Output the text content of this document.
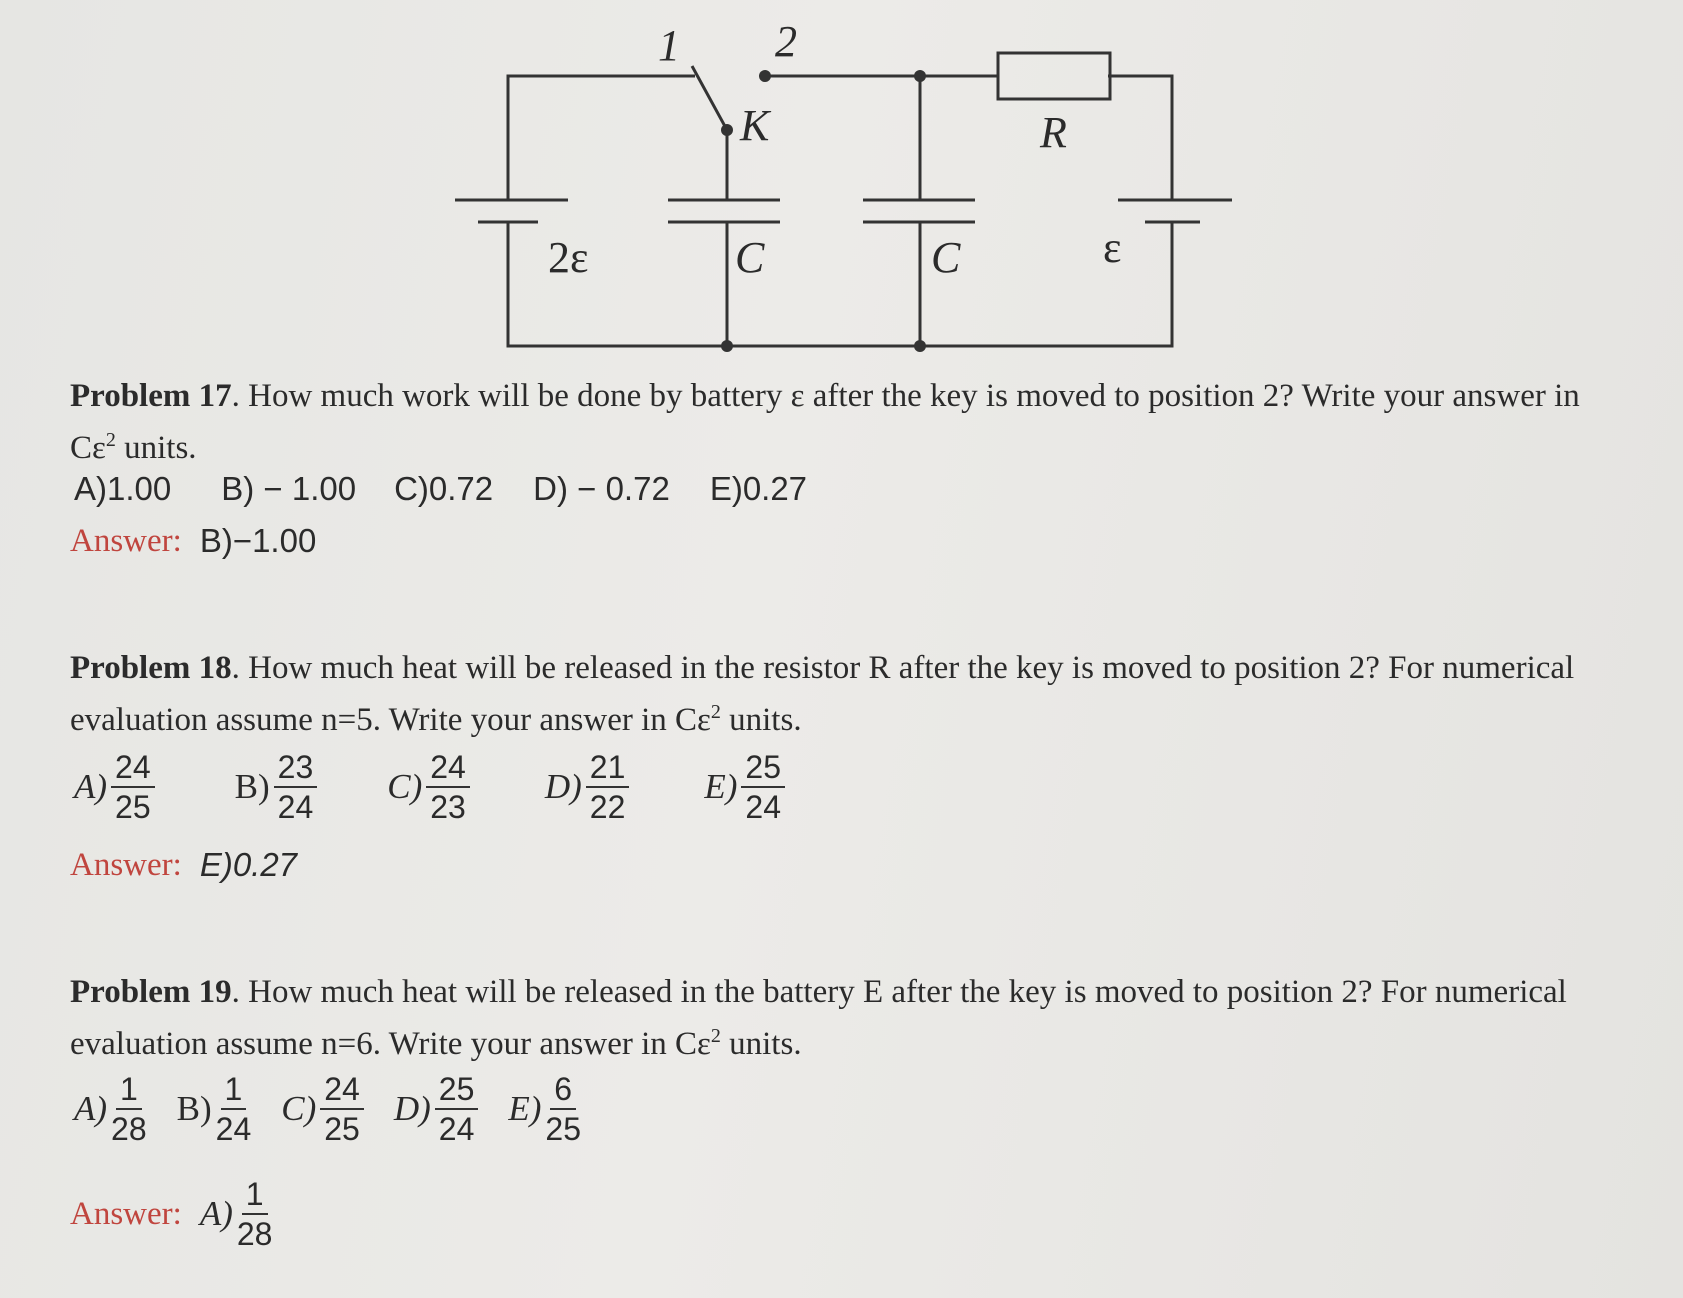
1 2
K	R
2ε	C	C	ε
Problem 17. How much work will be done by battery ε after the key is moved to position 2? Write your answer in $C\varepsilon^2$ units.
A)1.00 B) − 1.00 C)0.72 D) − 0.72 E)0.27
Answer: B)−1.00
Problem 18. How much heat will be released in the resistor R after the key is moved to position 2? For numerical evaluation assume n=5. Write your answer in $C\varepsilon^2$ units.
$A) \frac{24}{25} B) \frac{23}{24} C) \frac{24}{23} D) \frac{21}{22} E) \frac{25}{24}$
Answer: E)0.27
Problem 19. How much heat will be released in the battery E after the key is moved to position 2? For numerical evaluation assume n=6. Write your answer in $C\varepsilon^2$ units.
$A) \frac{1}{28} B) \frac{1}{24} C) \frac{24}{25} D) \frac{25}{24} E) \frac{6}{25}$
Answer: $A) \frac{1}{28}$
